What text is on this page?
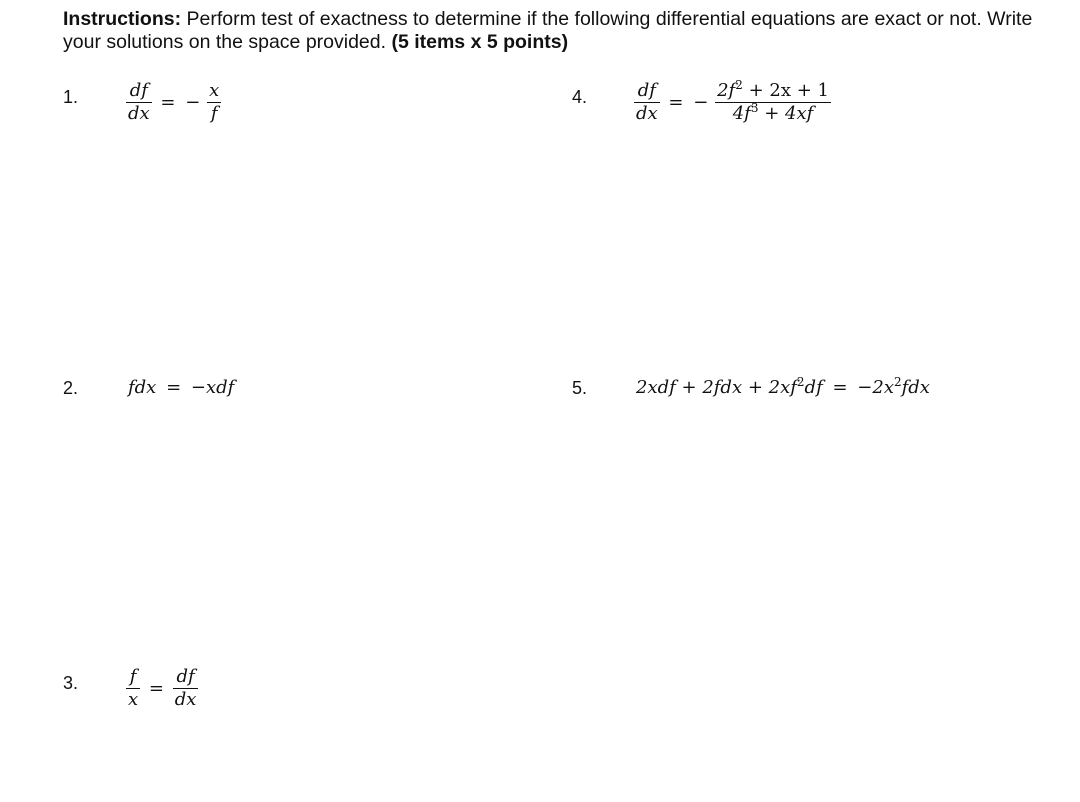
Instructions: Perform test of exactness to determine if the following differential equations are exact or not. Write your solutions on the space provided. (5 items x 5 points)
1.	$\frac{df}{dx}$ = − $\frac{x}{f}$	4.	$\frac{df}{dx}$ = − $\frac{2f^2 + 2x + 1}{4f^3 + 4xf}$
2.	fdx = −xdf	5.	$2xdf + 2fdx + 2xf^2df = -2x^2fdx$
3.	$\frac{f}{x} = \frac{df}{dx}$
